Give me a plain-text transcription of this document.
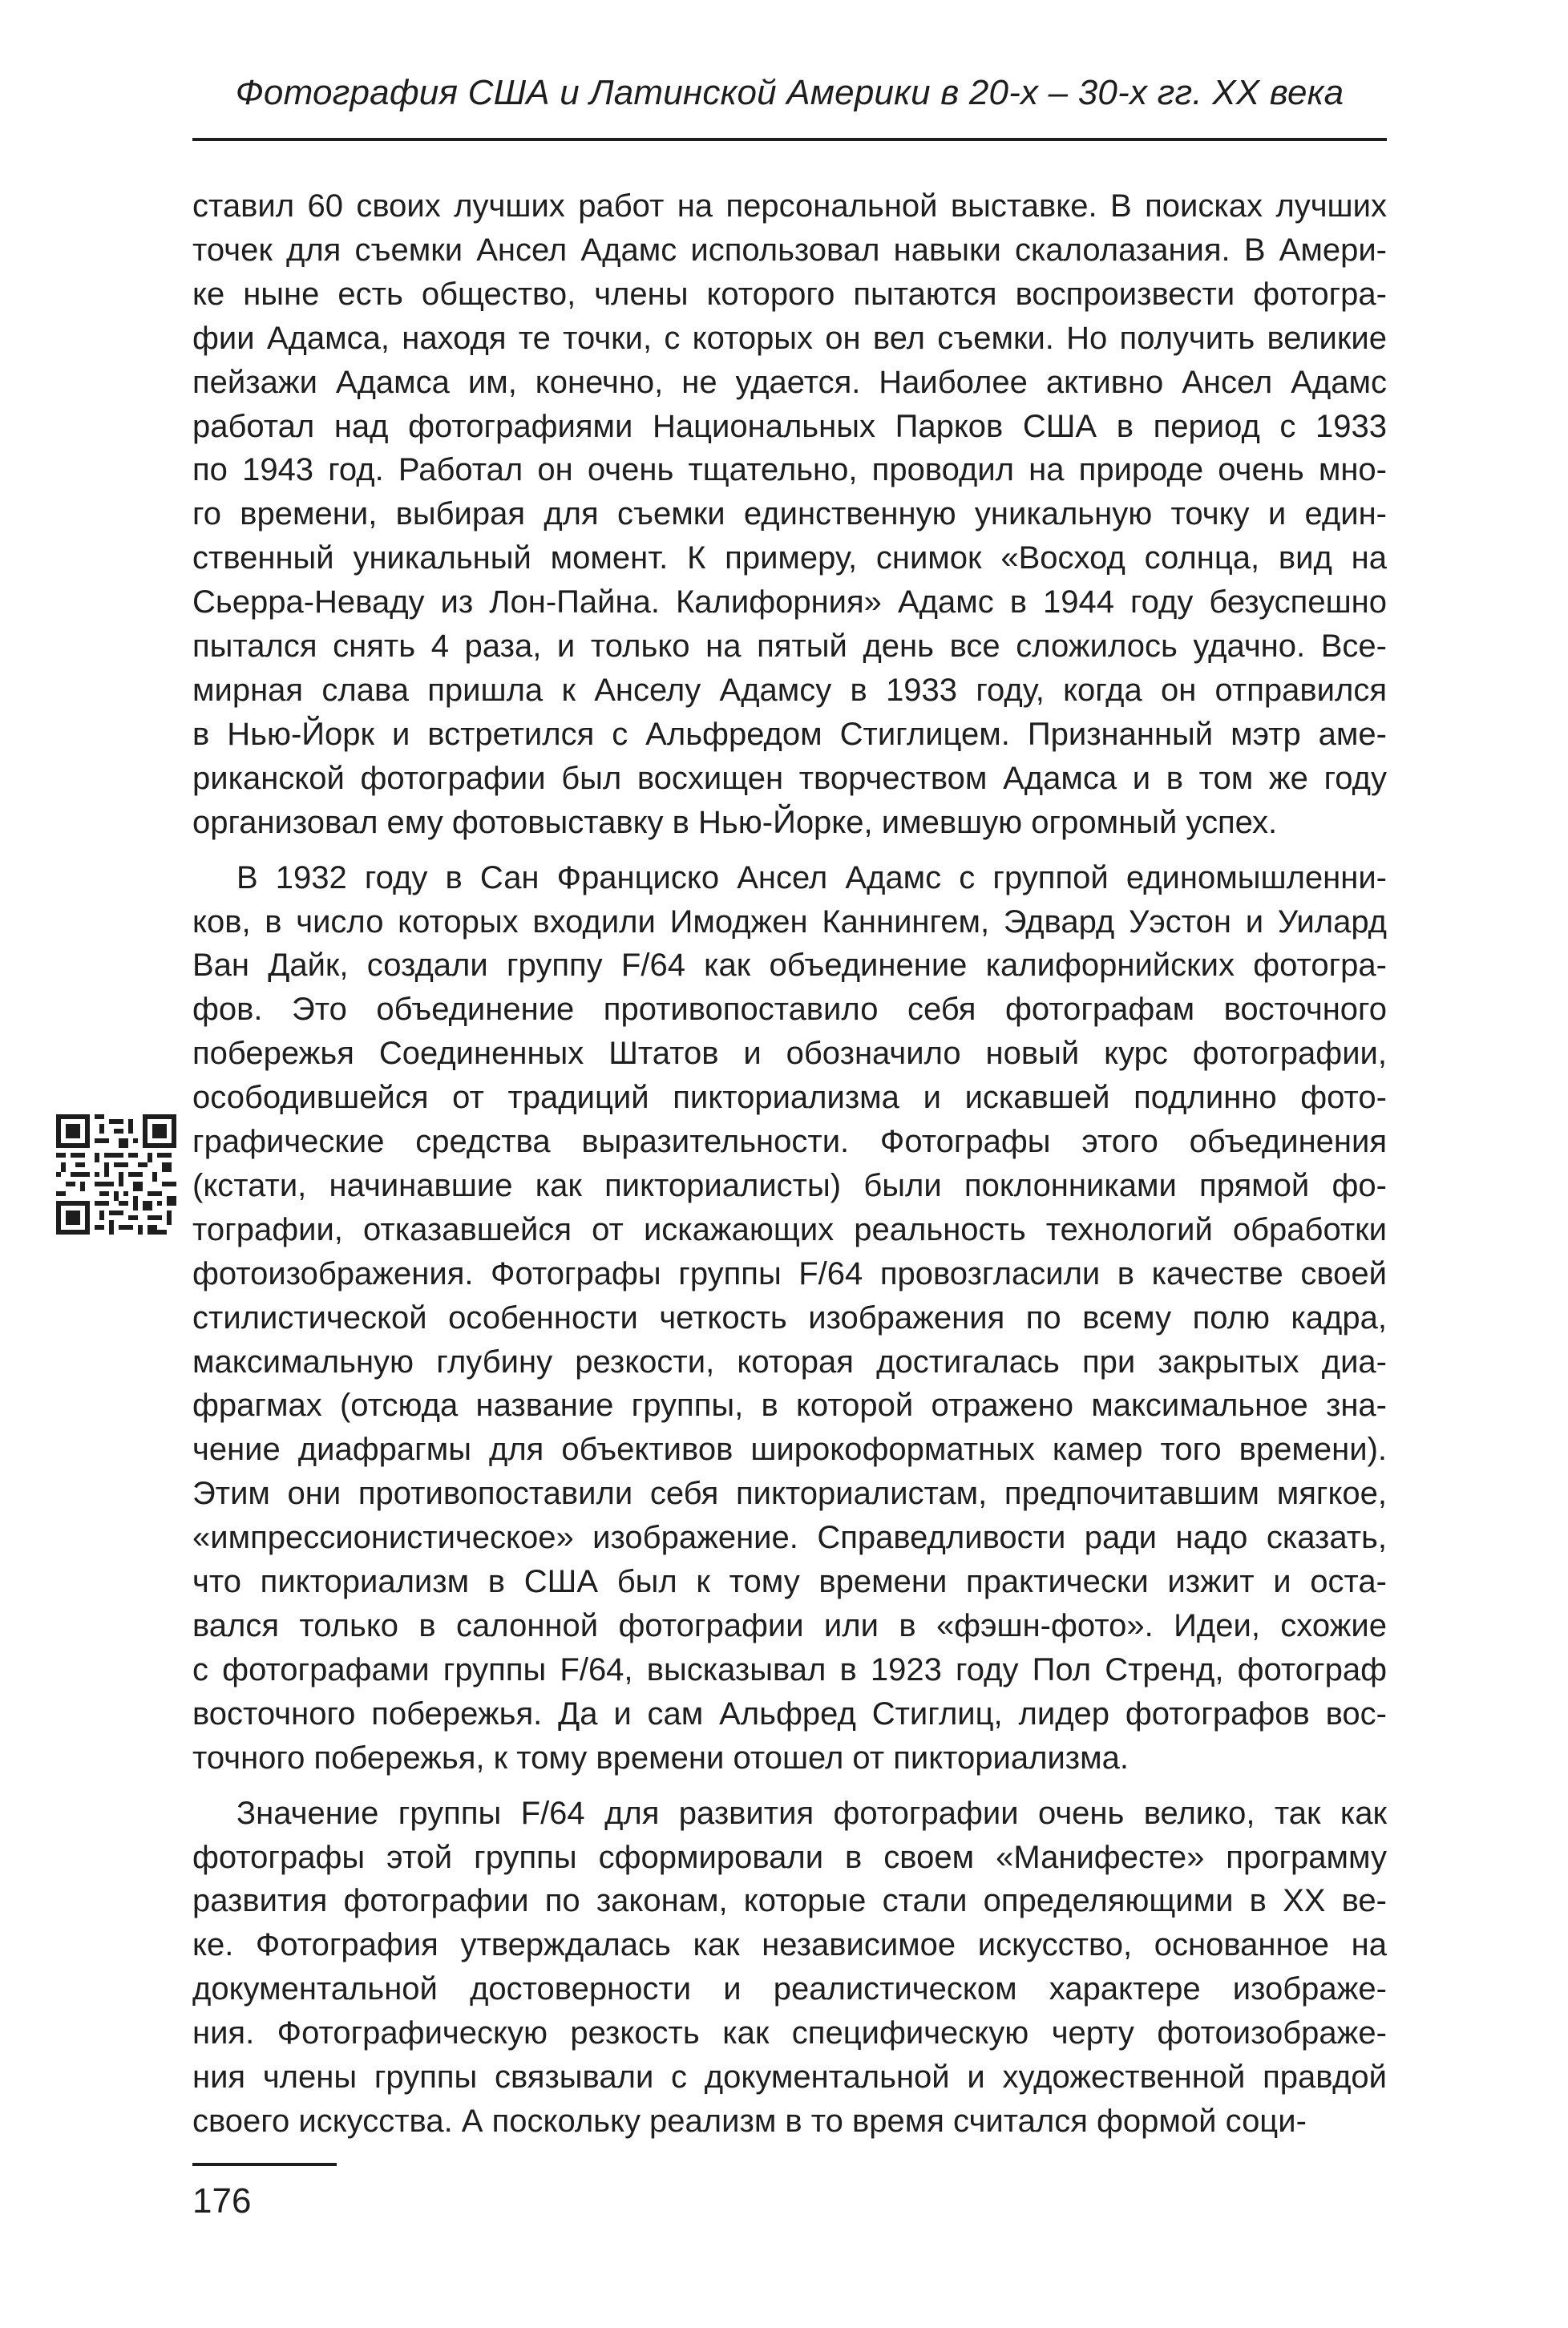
Фотография США и Латинской Америки в 20-х – 30-х гг. XX века

ставил 60 своих лучших работ на персональной выставке. В поисках лучших
точек для съемки Ансел Адамс использовал навыки скалолазания. В Амери-
ке ныне есть общество, члены которого пытаются воспроизвести фотогра-
фии Адамса, находя те точки, с которых он вел съемки. Но получить великие
пейзажи Адамса им, конечно, не удается. Наиболее активно Ансел Адамс
работал над фотографиями Национальных Парков США в период с 1933
по 1943 год. Работал он очень тщательно, проводил на природе очень мно-
го времени, выбирая для съемки единственную уникальную точку и един-
ственный уникальный момент. К примеру, снимок «Восход солнца, вид на
Сьерра-Неваду из Лон-Пайна. Калифорния» Адамс в 1944 году безуспешно
пытался снять 4 раза, и только на пятый день все сложилось удачно. Все-
мирная слава пришла к Анселу Адамсу в 1933 году, когда он отправился
в Нью-Йорк и встретился с Альфредом Стиглицем. Признанный мэтр аме-
риканской фотографии был восхищен творчеством Адамса и в том же году
организовал ему фотовыставку в Нью-Йорке, имевшую огромный успех.

В 1932 году в Сан Франциско Ансел Адамс с группой единомышленни-
ков, в число которых входили Имоджен Каннингем, Эдвард Уэстон и Уилард
Ван Дайк, создали группу F/64 как объединение калифорнийских фотогра-
фов. Это объединение противопоставило себя фотографам восточного
побережья Соединенных Штатов и обозначило новый курс фотографии,
осободившейся от традиций пикториализма и искавшей подлинно фото-
графические средства выразительности. Фотографы этого объединения
(кстати, начинавшие как пикториалисты) были поклонниками прямой фо-
тографии, отказавшейся от искажающих реальность технологий обработки
фотоизображения. Фотографы группы F/64 провозгласили в качестве своей
стилистической особенности четкость изображения по всему полю кадра,
максимальную глубину резкости, которая достигалась при закрытых диа-
фрагмах (отсюда название группы, в которой отражено максимальное зна-
чение диафрагмы для объективов широкоформатных камер того времени).
Этим они противопоставили себя пикториалистам, предпочитавшим мягкое,
«импрессионистическое» изображение. Справедливости ради надо сказать,
что пикториализм в США был к тому времени практически изжит и оста-
вался только в салонной фотографии или в «фэшн-фото». Идеи, схожие
с фотографами группы F/64, высказывал в 1923 году Пол Стренд, фотограф
восточного побережья. Да и сам Альфред Стиглиц, лидер фотографов вос-
точного побережья, к тому времени отошел от пикториализма.

Значение группы F/64 для развития фотографии очень велико, так как
фотографы этой группы сформировали в своем «Манифесте» программу
развития фотографии по законам, которые стали определяющими в XX ве-
ке. Фотография утверждалась как независимое искусство, основанное на
документальной достоверности и реалистическом характере изображе-
ния. Фотографическую резкость как специфическую черту фотоизображе-
ния члены группы связывали с документальной и художественной правдой
своего искусства. А поскольку реализм в то время считался формой соци-

176
